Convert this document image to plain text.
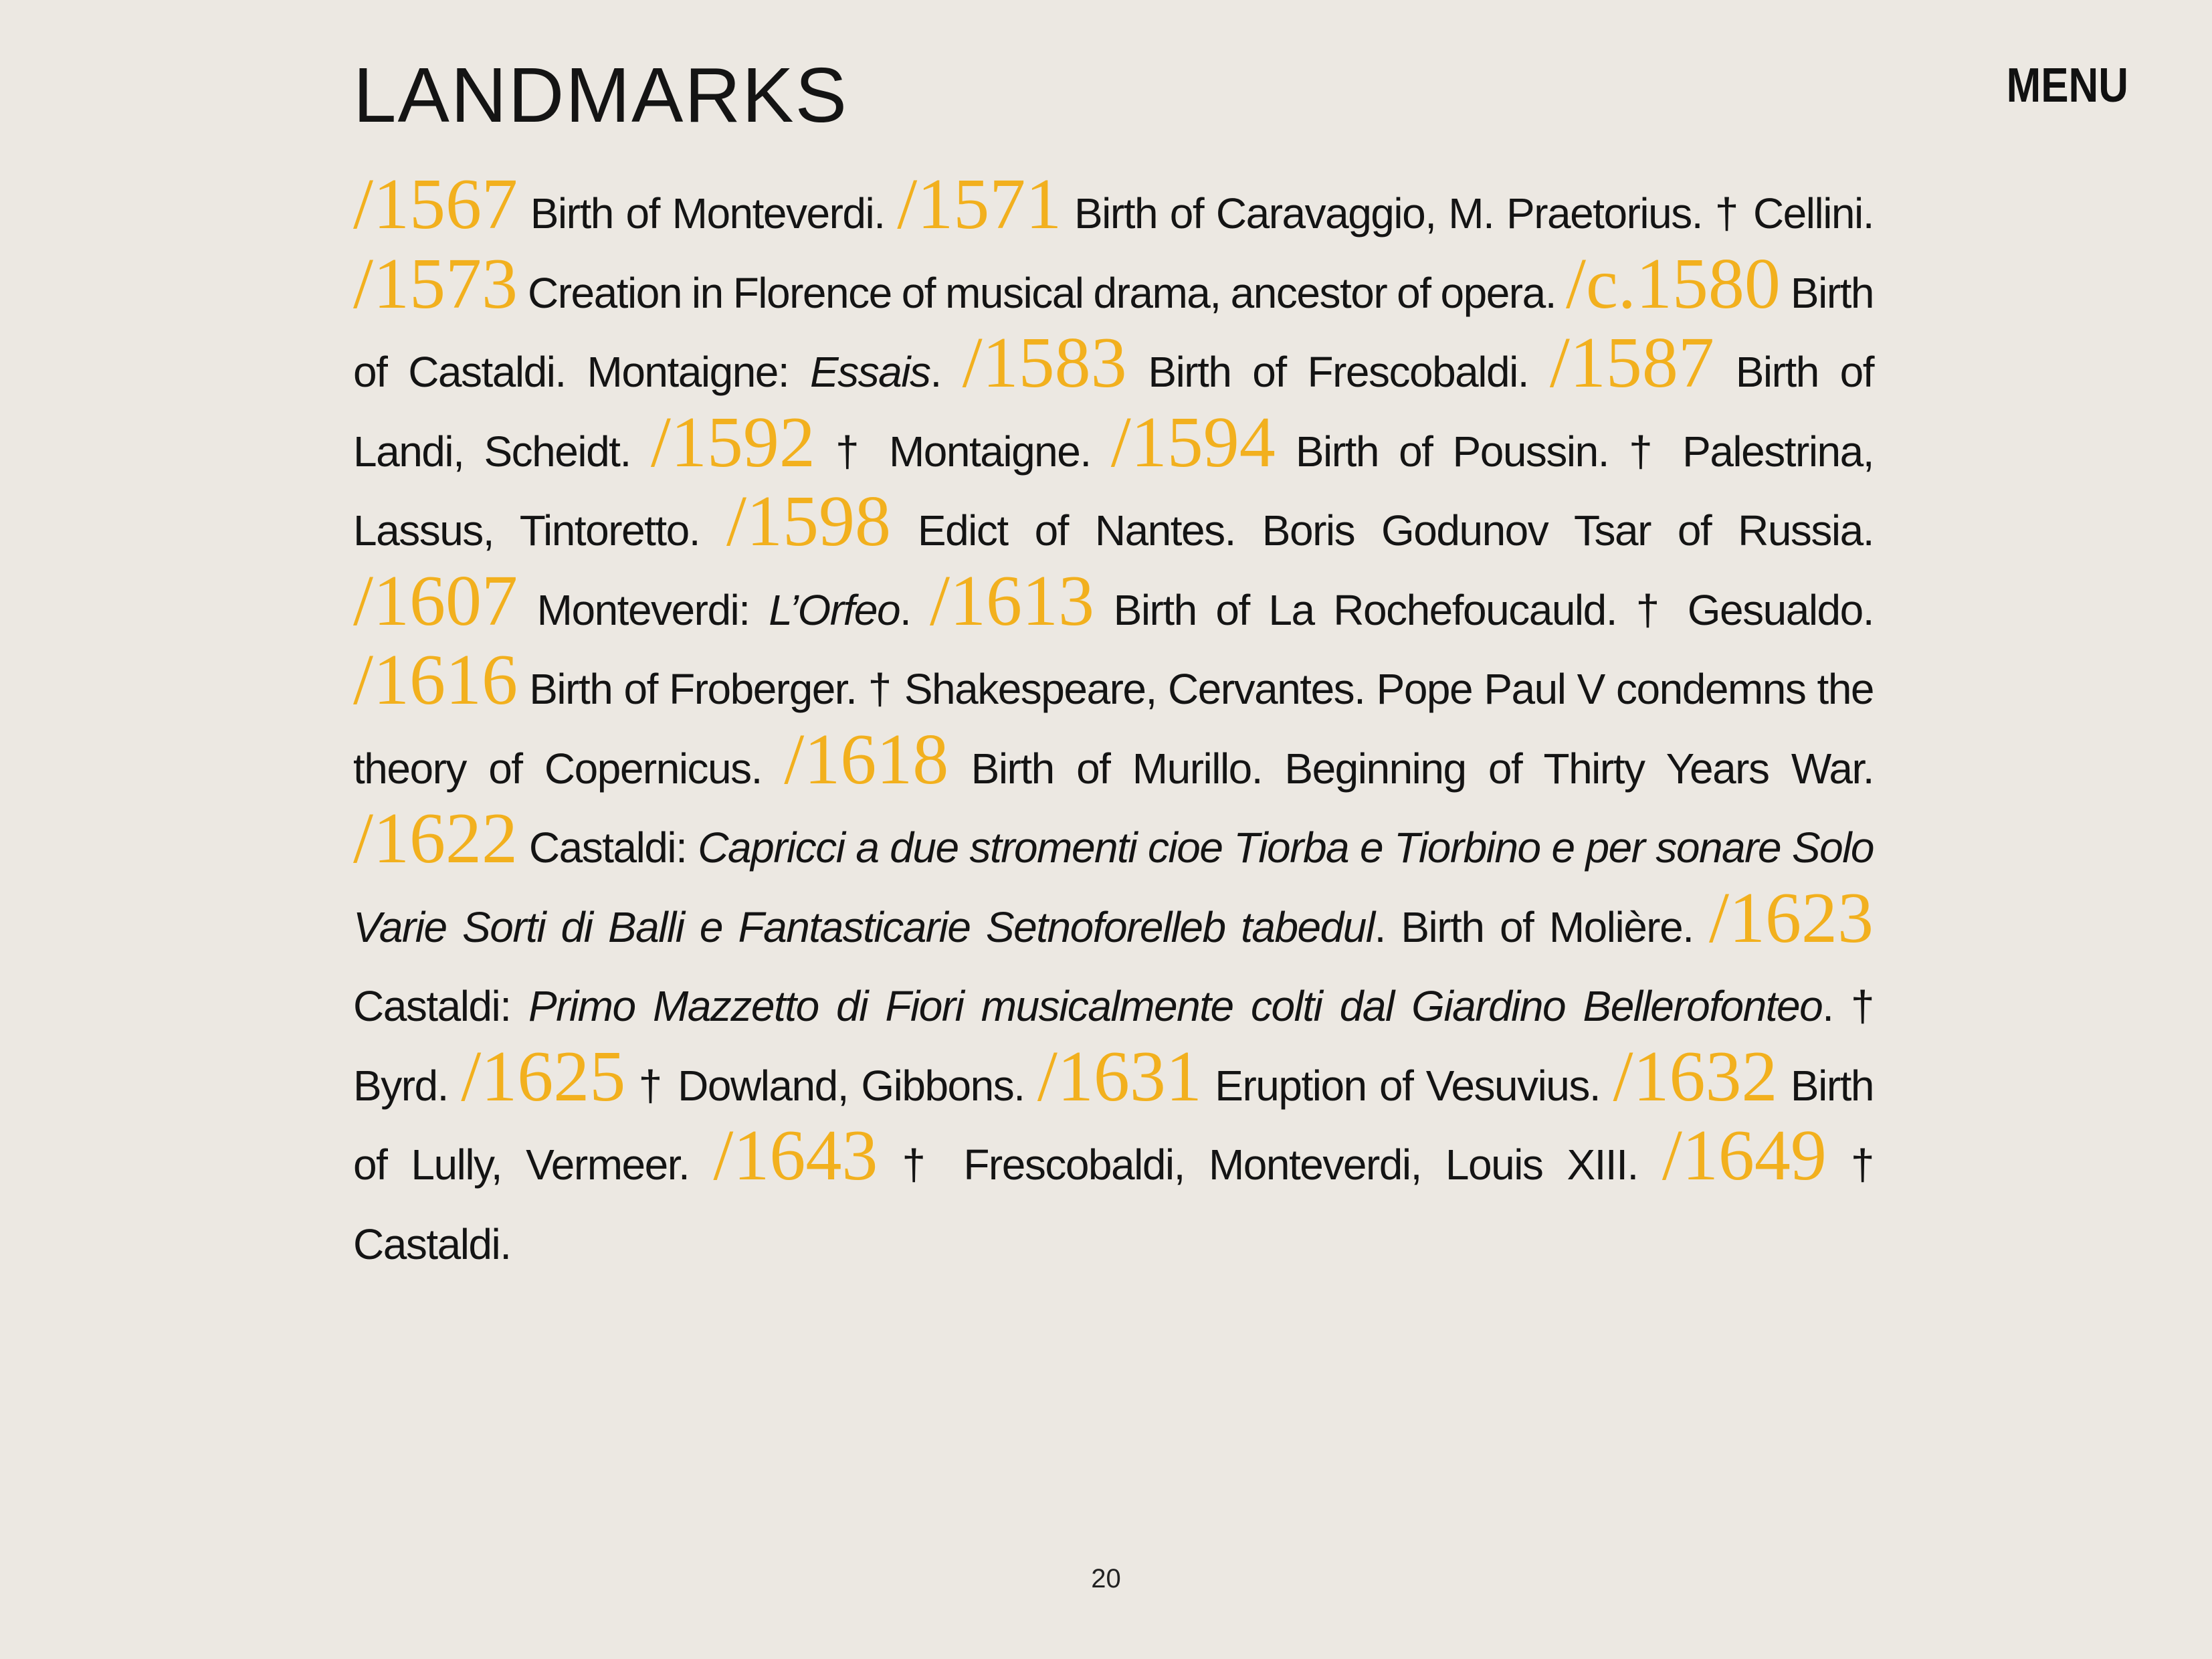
LANDMARKS	MENU

/1567 Birth of Monteverdi. /1571 Birth of Caravaggio, M. Praetorius. † Cellini. /1573 Creation in Florence of musical drama, ancestor of opera. /c.1580 Birth of Castaldi. Montaigne: Essais. /1583 Birth of Frescobaldi. /1587 Birth of Landi, Scheidt. /1592 † Montaigne. /1594 Birth of Poussin. † Palestrina, Lassus, Tintoretto. /1598 Edict of Nantes. Boris Godunov Tsar of Russia. /1607 Monteverdi: L’Orfeo. /1613 Birth of La Rochefoucauld. † Gesualdo. /1616 Birth of Froberger. † Shakespeare, Cervantes. Pope Paul V condemns the theory of Copernicus. /1618 Birth of Murillo. Beginning of Thirty Years War. /1622 Castaldi: Capricci a due stromenti cioe Tiorba e Tiorbino e per sonare Solo Varie Sorti di Balli e Fantasticarie Setnoforelleb tabedul. Birth of Molière. /1623 Castaldi: Primo Mazzetto di Fiori musicalmente colti dal Giardino Bellerofonteo. † Byrd. /1625 † Dowland, Gibbons. /1631 Eruption of Vesuvius. /1632 Birth of Lully, Vermeer. /1643 † Frescobaldi, Monteverdi, Louis XIII. /1649 † Castaldi.

20
